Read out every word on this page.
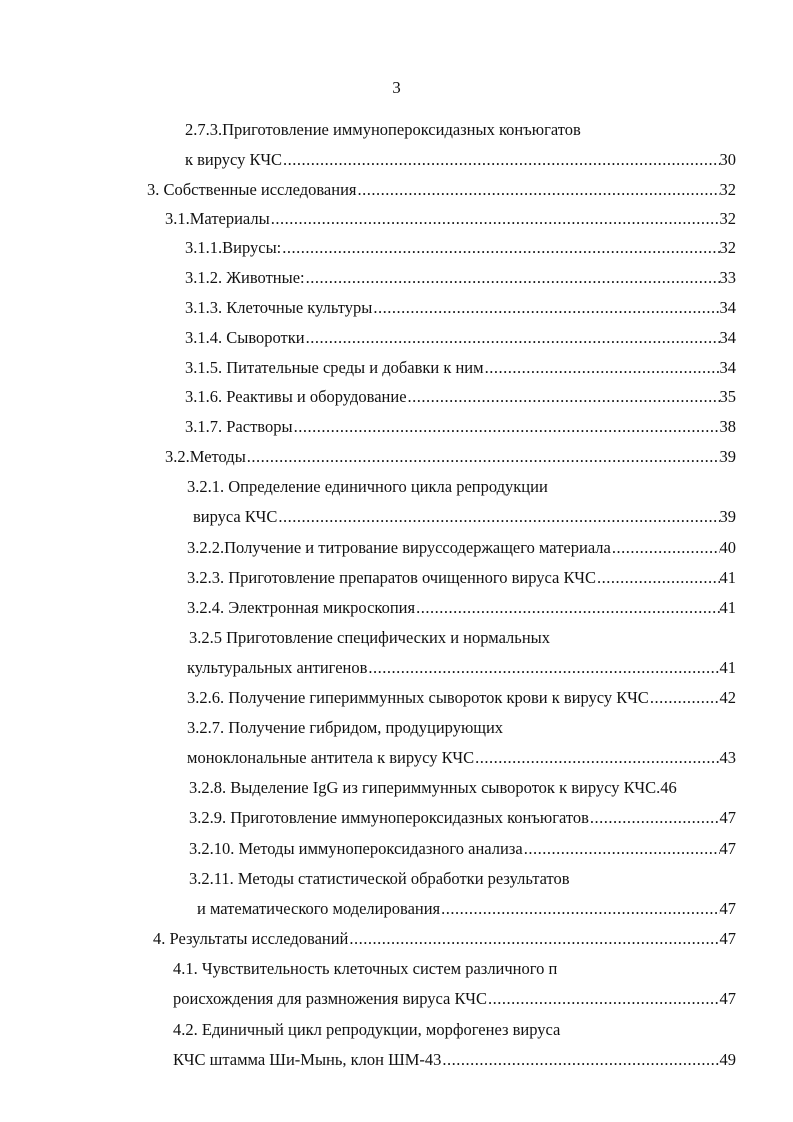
3
2.7.3.Приготовление иммунопероксидазных конъюгатов
к вирусу КЧС .....	30
3. Собственные исследования .....	32
3.1.Материалы .....	32
3.1.1.Вирусы: .....	32
3.1.2. Животные: .....	33
3.1.3. Клеточные культуры .....	34
3.1.4. Сыворотки .....	34
3.1.5. Питательные среды и добавки к ним .....	34
3.1.6. Реактивы и оборудование .....	35
3.1.7. Растворы .....	38
3.2.Методы .....	39
3.2.1. Определение единичного цикла репродукции
вируса КЧС .....	39
3.2.2.Получение и титрование вируссодержащего материала .....	40
3.2.3. Приготовление препаратов очищенного вируса КЧС .....	41
3.2.4. Электронная микроскопия .....	41
3.2.5 Приготовление специфических и нормальных
культуральных антигенов .....	41
3.2.6. Получение гипериммунных сывороток крови к вирусу КЧС .....	42
3.2.7. Получение гибридом, продуцирующих
моноклональные антитела к вирусу КЧС .....	43
3.2.8. Выделение IgG из гипериммунных сывороток к вирусу КЧС. 46
3.2.9. Приготовление иммунопероксидазных конъюгатов .....	47
3.2.10. Методы иммунопероксидазного анализа .....	47
3.2.11. Методы статистической обработки результатов
и математического моделирования .....	47
4. Результаты исследований .....	47
4.1. Чувствительность клеточных систем различного п
роисхождения для размножения вируса КЧС .....	47
4.2. Единичный цикл репродукции, морфогенез вируса
КЧС штамма Ши-Мынь, клон ШМ-43 .....	49
